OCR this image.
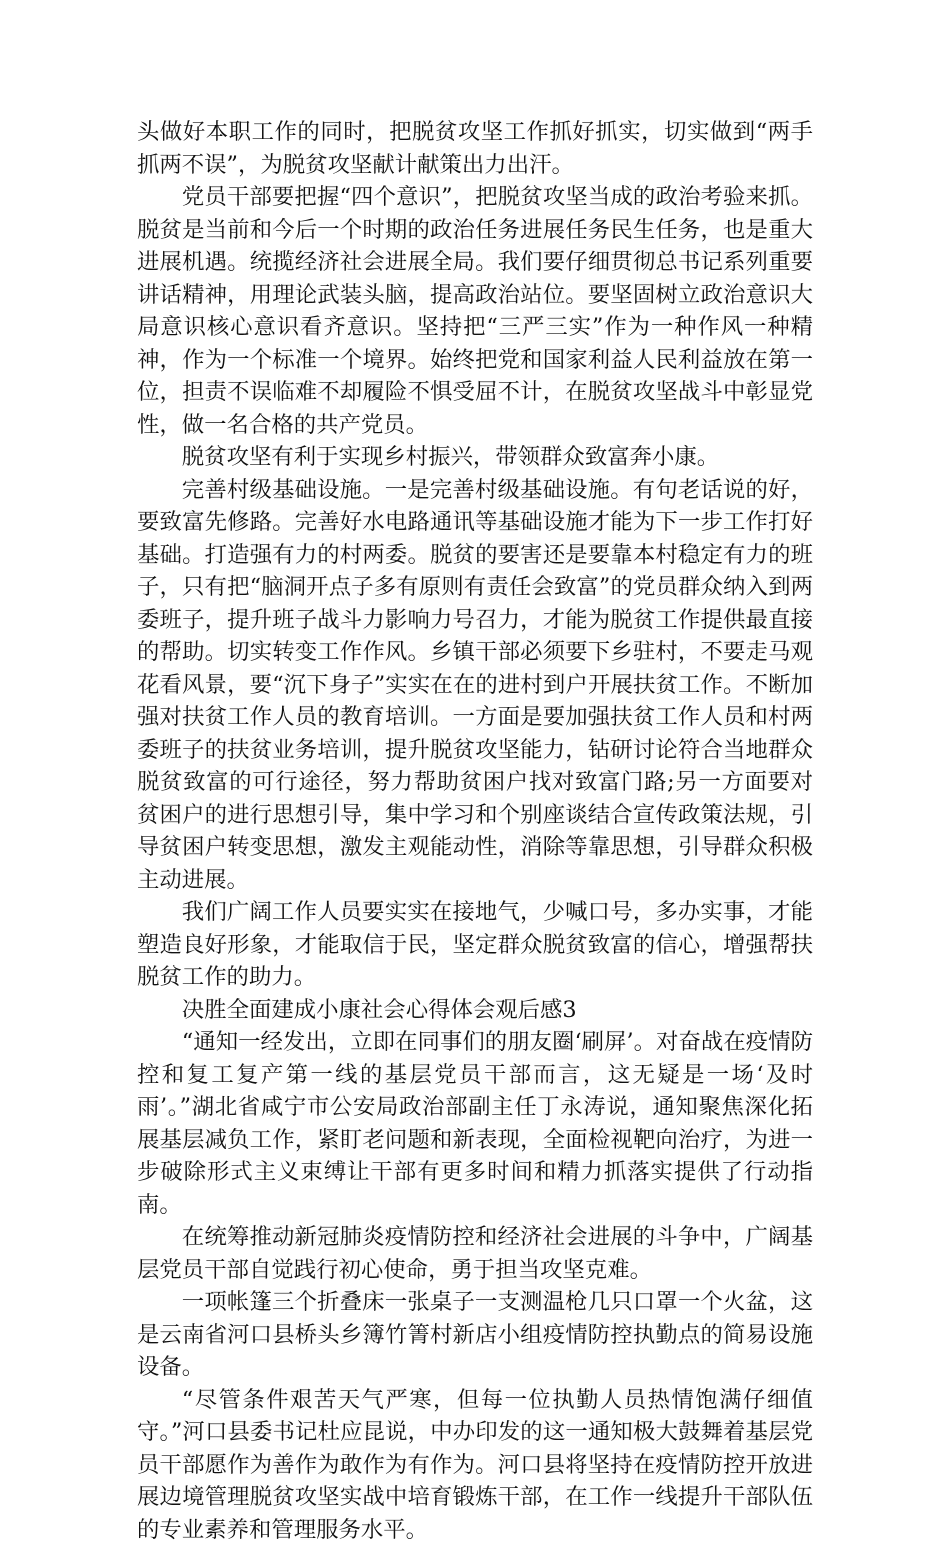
头做好本职工作的同时，把脱贫攻坚工作抓好抓实，切实做到“两手抓两不误”，为脱贫攻坚献计献策出力出汗。

党员干部要把握“四个意识”，把脱贫攻坚当成的政治考验来抓。脱贫是当前和今后一个时期的政治任务进展任务民生任务，也是重大进展机遇。统揽经济社会进展全局。我们要仔细贯彻总书记系列重要讲话精神，用理论武装头脑，提高政治站位。要坚固树立政治意识大局意识核心意识看齐意识。坚持把“三严三实”作为一种作风一种精神，作为一个标准一个境界。始终把党和国家利益人民利益放在第一位，担责不误临难不却履险不惧受屈不计，在脱贫攻坚战斗中彰显党性，做一名合格的共产党员。

脱贫攻坚有利于实现乡村振兴，带领群众致富奔小康。

完善村级基础设施。一是完善村级基础设施。有句老话说的好，要致富先修路。完善好水电路通讯等基础设施才能为下一步工作打好基础。打造强有力的村两委。脱贫的要害还是要靠本村稳定有力的班子，只有把“脑洞开点子多有原则有责任会致富”的党员群众纳入到两委班子，提升班子战斗力影响力号召力，才能为脱贫工作提供最直接的帮助。切实转变工作作风。乡镇干部必须要下乡驻村，不要走马观花看风景，要“沉下身子”实实在在的进村到户开展扶贫工作。不断加强对扶贫工作人员的教育培训。一方面是要加强扶贫工作人员和村两委班子的扶贫业务培训，提升脱贫攻坚能力，钻研讨论符合当地群众脱贫致富的可行途径，努力帮助贫困户找对致富门路;另一方面要对贫困户的进行思想引导，集中学习和个别座谈结合宣传政策法规，引导贫困户转变思想，激发主观能动性，消除等靠思想，引导群众积极主动进展。

我们广阔工作人员要实实在接地气，少喊口号，多办实事，才能塑造良好形象，才能取信于民，坚定群众脱贫致富的信心，增强帮扶脱贫工作的助力。

决胜全面建成小康社会心得体会观后感3

“通知一经发出，立即在同事们的朋友圈‘刷屏’。对奋战在疫情防控和复工复产第一线的基层党员干部而言，这无疑是一场‘及时雨’。”湖北省咸宁市公安局政治部副主任丁永涛说，通知聚焦深化拓展基层减负工作，紧盯老问题和新表现，全面检视靶向治疗，为进一步破除形式主义束缚让干部有更多时间和精力抓落实提供了行动指南。

在统筹推动新冠肺炎疫情防控和经济社会进展的斗争中，广阔基层党员干部自觉践行初心使命，勇于担当攻坚克难。

一项帐篷三个折叠床一张桌子一支测温枪几只口罩一个火盆，这是云南省河口县桥头乡簿竹箐村新店小组疫情防控执勤点的简易设施设备。

“尽管条件艰苦天气严寒，但每一位执勤人员热情饱满仔细值守。”河口县委书记杜应昆说，中办印发的这一通知极大鼓舞着基层党员干部愿作为善作为敢作为有作为。河口县将坚持在疫情防控开放进展边境管理脱贫攻坚实战中培育锻炼干部，在工作一线提升干部队伍的专业素养和管理服务水平。
